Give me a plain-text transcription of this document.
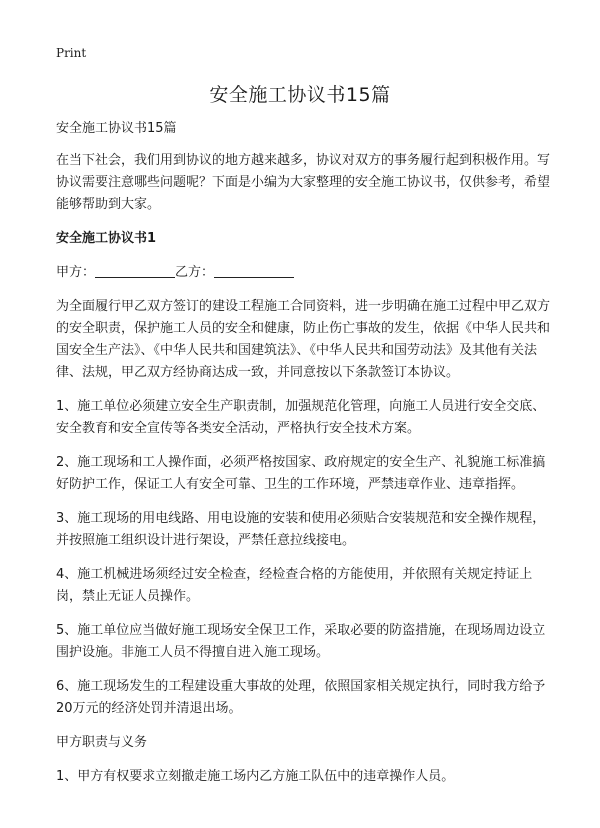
Print
安全施工协议书15篇

安全施工协议书15篇

在当下社会，我们用到协议的地方越来越多，协议对双方的事务履行起到积极作用。写协议需要注意哪些问题呢？下面是小编为大家整理的安全施工协议书，仅供参考，希望能够帮助到大家。

安全施工协议书1

甲方：	乙方：

为全面履行甲乙双方签订的建设工程施工合同资料，进一步明确在施工过程中甲乙双方的安全职责，保护施工人员的安全和健康，防止伤亡事故的发生，依据《中华人民共和国安全生产法》、《中华人民共和国建筑法》、《中华人民共和国劳动法》及其他有关法律、法规，甲乙双方经协商达成一致，并同意按以下条款签订本协议。

1、施工单位必须建立安全生产职责制，加强规范化管理，向施工人员进行安全交底、安全教育和安全宣传等各类安全活动，严格执行安全技术方案。

2、施工现场和工人操作面，必须严格按国家、政府规定的安全生产、礼貌施工标准搞好防护工作，保证工人有安全可靠、卫生的工作环境，严禁违章作业、违章指挥。

3、施工现场的用电线路、用电设施的安装和使用必须贴合安装规范和安全操作规程，并按照施工组织设计进行架设，严禁任意拉线接电。

4、施工机械进场须经过安全检查，经检查合格的方能使用，并依照有关规定持证上岗，禁止无证人员操作。

5、施工单位应当做好施工现场安全保卫工作，采取必要的防盗措施，在现场周边设立围护设施。非施工人员不得擅自进入施工现场。

6、施工现场发生的工程建设重大事故的处理，依照国家相关规定执行，同时我方给予20万元的经济处罚并清退出场。

甲方职责与义务

1、甲方有权要求立刻撤走施工场内乙方施工队伍中的违章操作人员。
